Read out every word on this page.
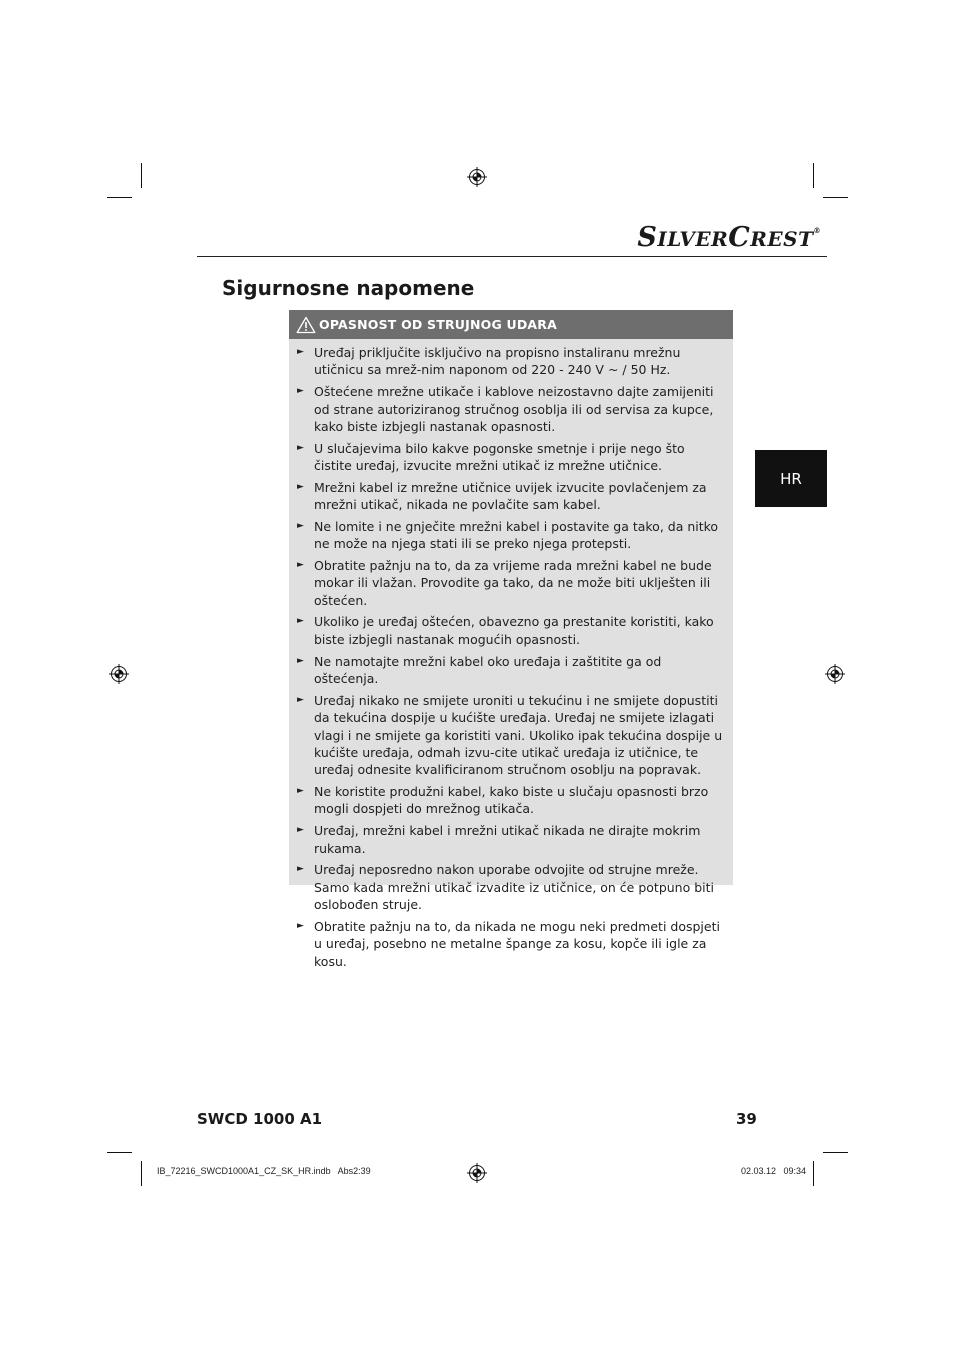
SILVERCREST®
Sigurnosne napomene
HR
OPASNOST OD STRUJNOG UDARA
► Uređaj priključite isključivo na propisno instaliranu mrežnu utičnicu sa mrež-nim naponom od 220 - 240 V ~ / 50 Hz.
► Oštećene mrežne utikače i kablove neizostavno dajte zamijeniti od strane autoriziranog stručnog osoblja ili od servisa za kupce, kako biste izbjegli nastanak opasnosti.
► U slučajevima bilo kakve pogonske smetnje i prije nego što čistite uređaj, izvucite mrežni utikač iz mrežne utičnice.
► Mrežni kabel iz mrežne utičnice uvijek izvucite povlačenjem za mrežni utikač, nikada ne povlačite sam kabel.
► Ne lomite i ne gnječite mrežni kabel i postavite ga tako, da nitko ne može na njega stati ili se preko njega protepsti.
► Obratite pažnju na to, da za vrijeme rada mrežni kabel ne bude mokar ili vlažan. Provodite ga tako, da ne može biti uklješten ili oštećen.
► Ukoliko je uređaj oštećen, obavezno ga prestanite koristiti, kako biste izbjegli nastanak mogućih opasnosti.
► Ne namotajte mrežni kabel oko uređaja i zaštitite ga od oštećenja.
► Uređaj nikako ne smijete uroniti u tekućinu i ne smijete dopustiti da tekućina dospije u kućište uređaja. Uređaj ne smijete izlagati vlagi i ne smijete ga koristiti vani. Ukoliko ipak tekućina dospije u kućište uređaja, odmah izvu-cite utikač uređaja iz utičnice, te uređaj odnesite kvalificiranom stručnom osoblju na popravak.
► Ne koristite produžni kabel, kako biste u slučaju opasnosti brzo mogli dospjeti do mrežnog utikača.
► Uređaj, mrežni kabel i mrežni utikač nikada ne dirajte mokrim rukama.
► Uređaj neposredno nakon uporabe odvojite od strujne mreže. Samo kada mrežni utikač izvadite iz utičnice, on će potpuno biti oslobođen struje.
► Obratite pažnju na to, da nikada ne mogu neki predmeti dospjeti u uređaj, posebno ne metalne špange za kosu, kopče ili igle za kosu.
SWCD 1000 A1	39
IB_72216_SWCD1000A1_CZ_SK_HR.indb   Abs2:39	02.03.12   09:34
